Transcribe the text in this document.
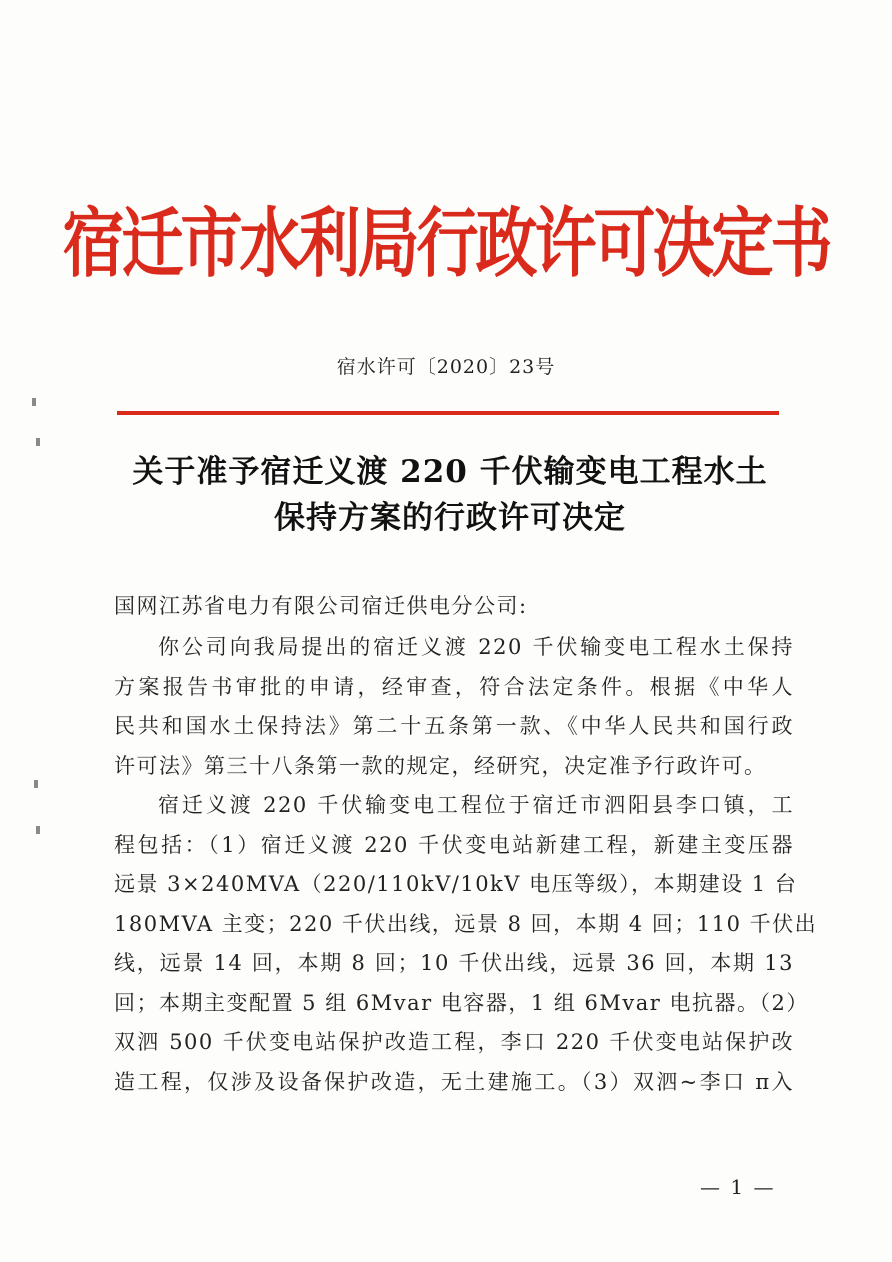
宿迁市水利局行政许可决定书
宿水许可〔2020〕23号
关于准予宿迁义渡 220 千伏输变电工程水土
保持方案的行政许可决定
国网江苏省电力有限公司宿迁供电分公司:
你公司向我局提出的宿迁义渡 220 千伏输变电工程水土保持
方案报告书审批的申请，经审查，符合法定条件。根据《中华人
民共和国水土保持法》第二十五条第一款、《中华人民共和国行政
许可法》第三十八条第一款的规定，经研究，决定准予行政许可。
宿迁义渡 220 千伏输变电工程位于宿迁市泗阳县李口镇，工
程包括：（1）宿迁义渡 220 千伏变电站新建工程，新建主变压器
远景 3×240MVA（220/110kV/10kV 电压等级），本期建设 1 台
180MVA 主变；220 千伏出线，远景 8 回，本期 4 回；110 千伏出
线，远景 14 回，本期 8 回；10 千伏出线，远景 36 回，本期 13
回；本期主变配置 5 组 6Mvar 电容器，1 组 6Mvar 电抗器。（2）
双泗 500 千伏变电站保护改造工程，李口 220 千伏变电站保护改
造工程，仅涉及设备保护改造，无土建施工。（3）双泗~李口 π入
— 1 —
